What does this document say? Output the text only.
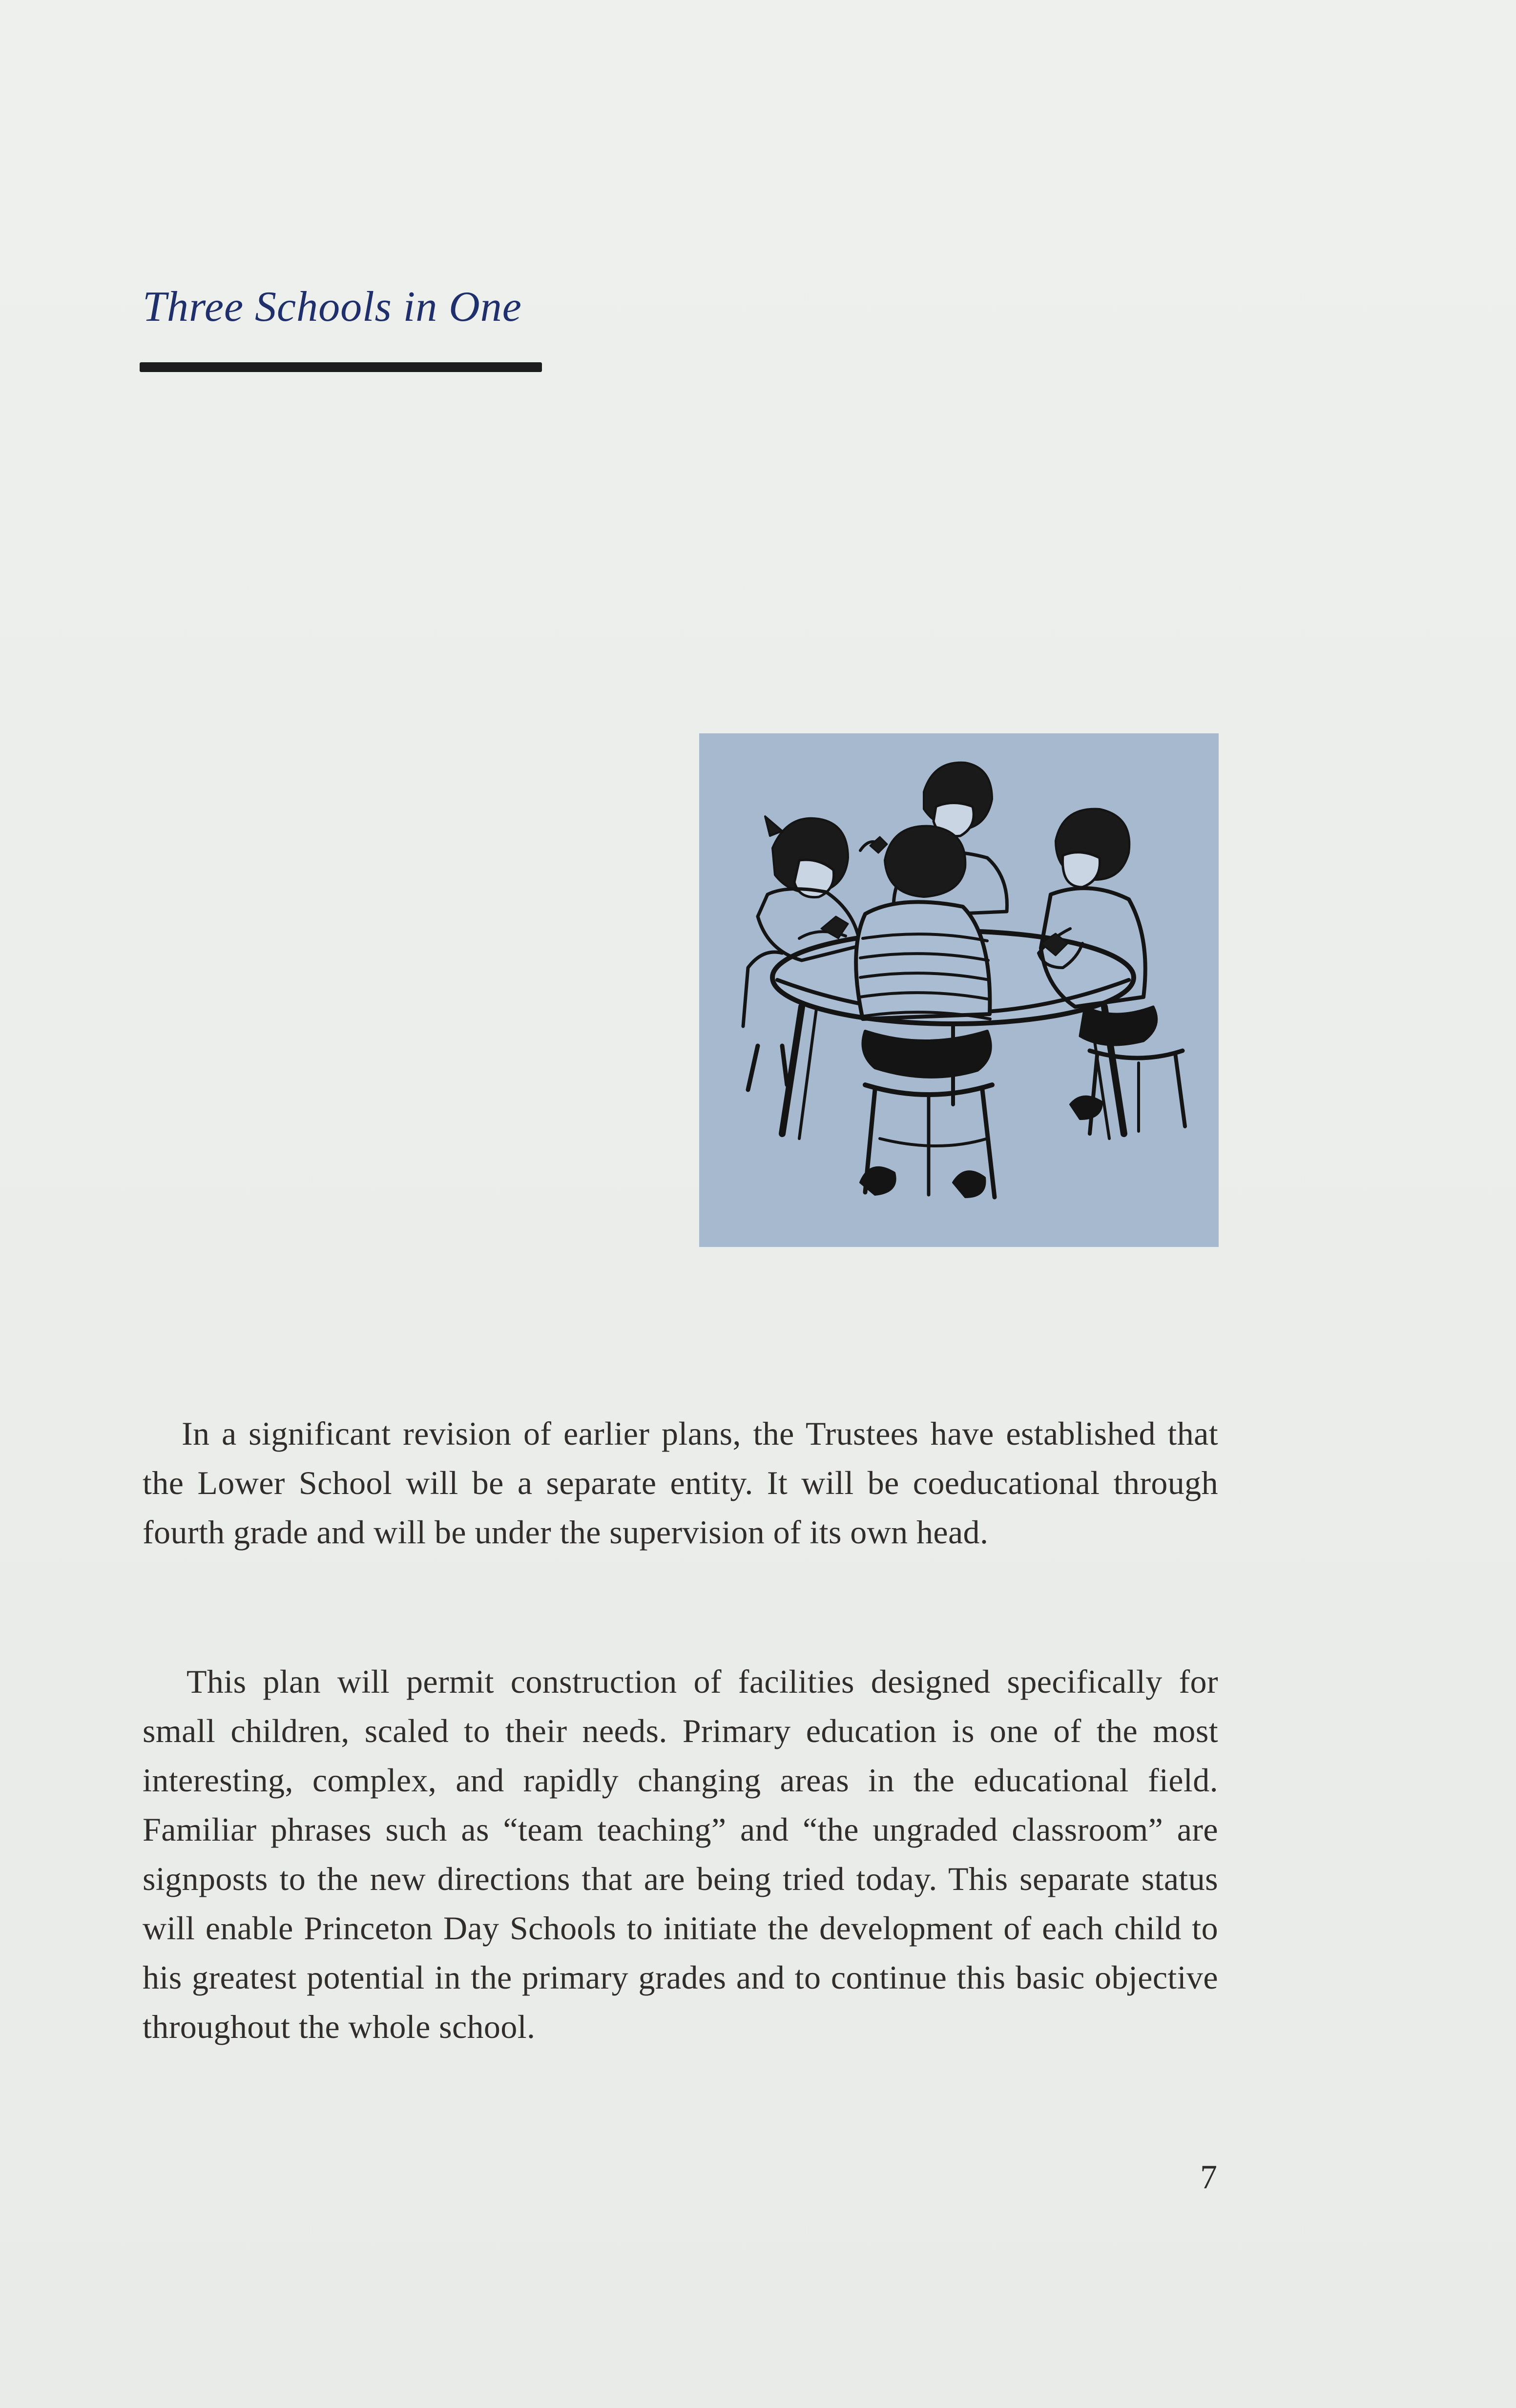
Three Schools in One

In a significant revision of earlier plans, the Trustees have established that the Lower School will be a separate entity. It will be coeducational through fourth grade and will be under the supervision of its own head.

This plan will permit construction of facilities designed specifically for small children, scaled to their needs. Primary education is one of the most interesting, complex, and rapidly changing areas in the educational field. Familiar phrases such as “team teaching” and “the ungraded classroom” are signposts to the new directions that are being tried today. This separate status will enable Princeton Day Schools to initiate the development of each child to his greatest potential in the primary grades and to continue this basic objective throughout the whole school.

7
